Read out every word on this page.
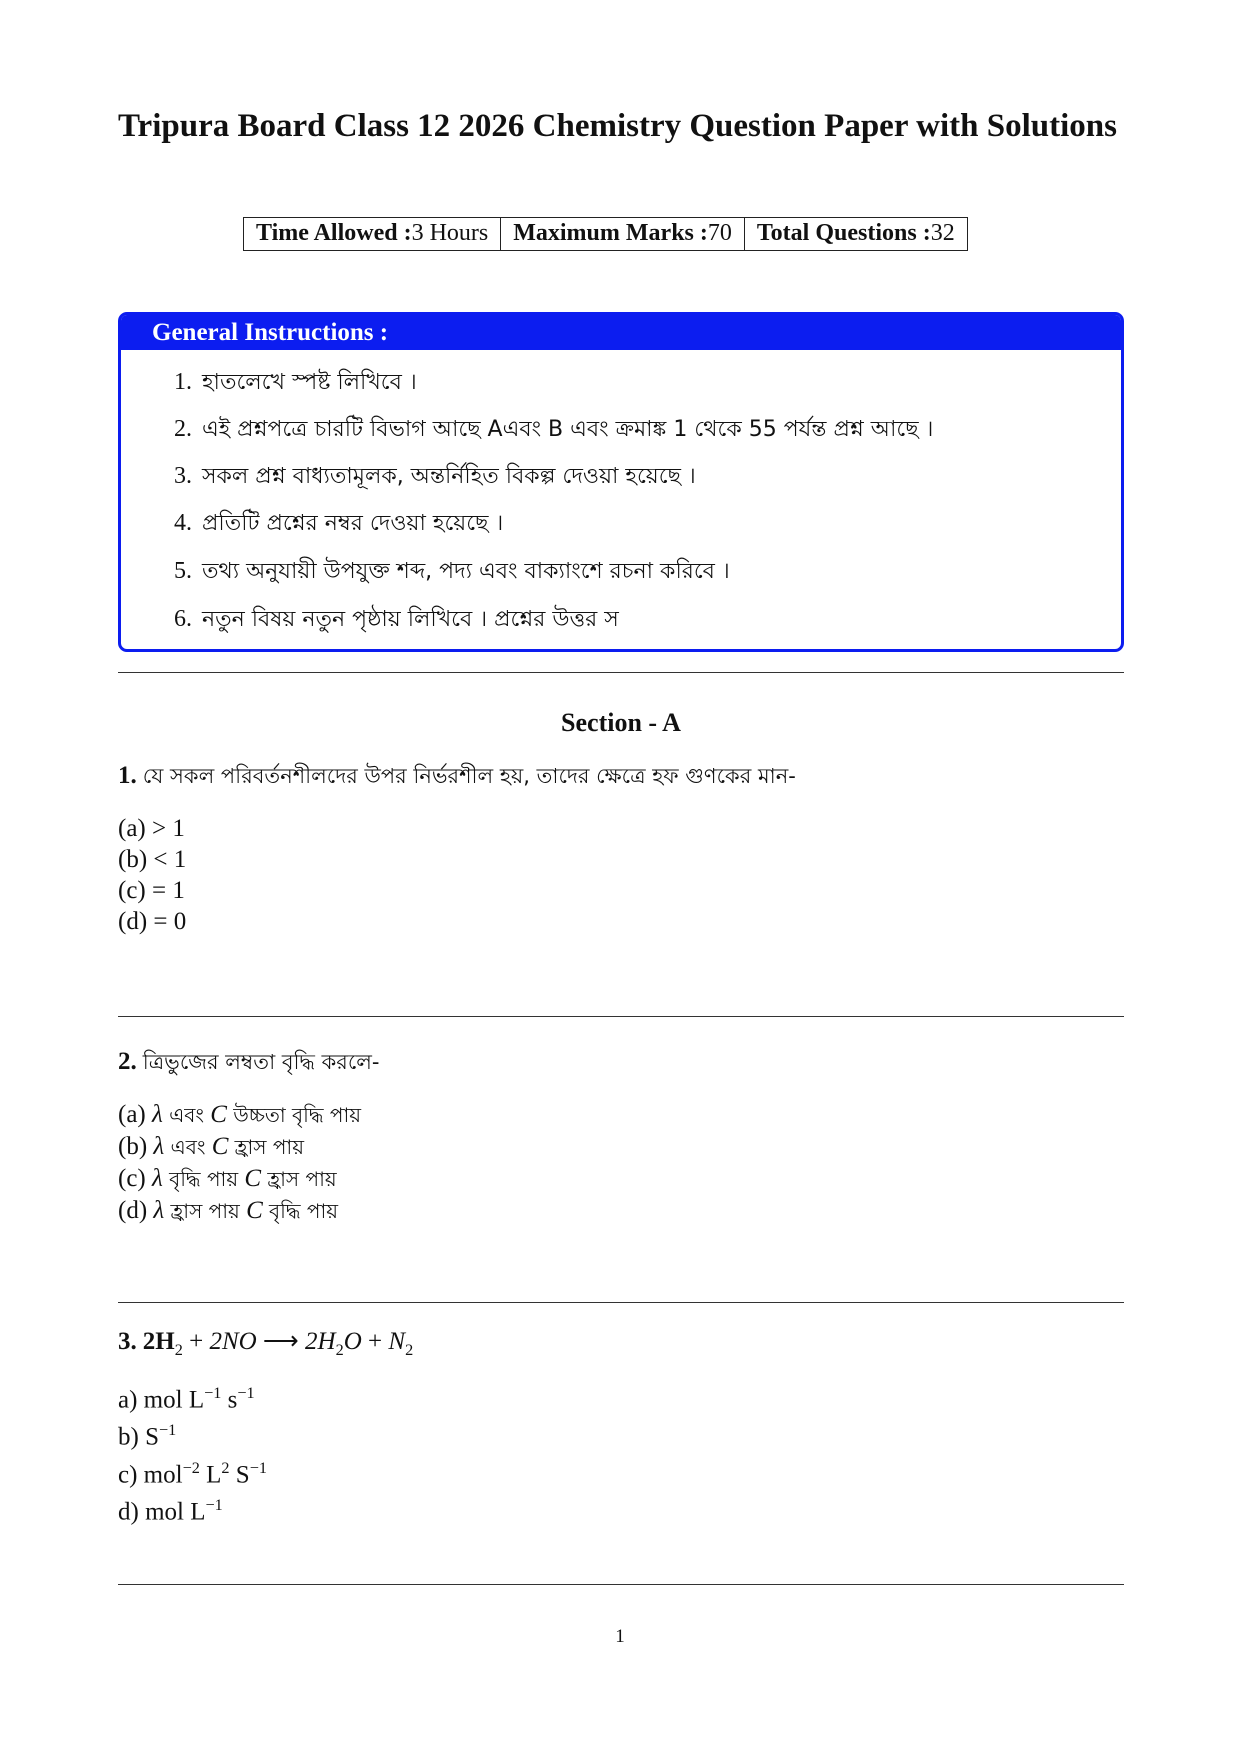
Tripura Board Class 12 2026 Chemistry Question Paper with Solutions
Time Allowed :3 Hours	Maximum Marks :70	Total Questions :32
General Instructions :
1. হাতলেখে স্পষ্ট লিখিবে ।
2. এই প্রশ্নপত্রে চারটি বিভাগ আছে Aএবং B এবং ক্রমাঙ্ক 1 থেকে 55 পর্যন্ত প্রশ্ন আছে ।
3. সকল প্রশ্ন বাধ্যতামূলক, অন্তর্নিহিত বিকল্প দেওয়া হয়েছে ।
4. প্রতিটি প্রশ্নের নম্বর দেওয়া হয়েছে ।
5. তথ্য অনুযায়ী উপযুক্ত শব্দ, পদ্য এবং বাক্যাংশে রচনা করিবে ।
6. নতুন বিষয় নতুন পৃষ্ঠায় লিখিবে । প্রশ্নের উত্তর স
Section - A
1. যে সকল পরিবর্তনশীলদের উপর নির্ভরশীল হয়, তাদের ক্ষেত্রে হফ গুণকের মান-
(a) > 1
(b) < 1
(c) = 1
(d) = 0
2. ত্রিভুজের লম্বতা বৃদ্ধি করলে-
(a) λ এবং C উচ্চতা বৃদ্ধি পায়
(b) λ এবং C হ্রাস পায়
(c) λ বৃদ্ধি পায় C হ্রাস পায়
(d) λ হ্রাস পায় C বৃদ্ধি পায়
3. $2H_2 + 2NO$ ⟶ $2H_2O + N_2$
a) mol $L^{-1}$ $s^{-1}$
b) $S^{-1}$
c) mol$^{-2}$ $L^2$ $S^{-1}$
d) mol $L^{-1}$
1
